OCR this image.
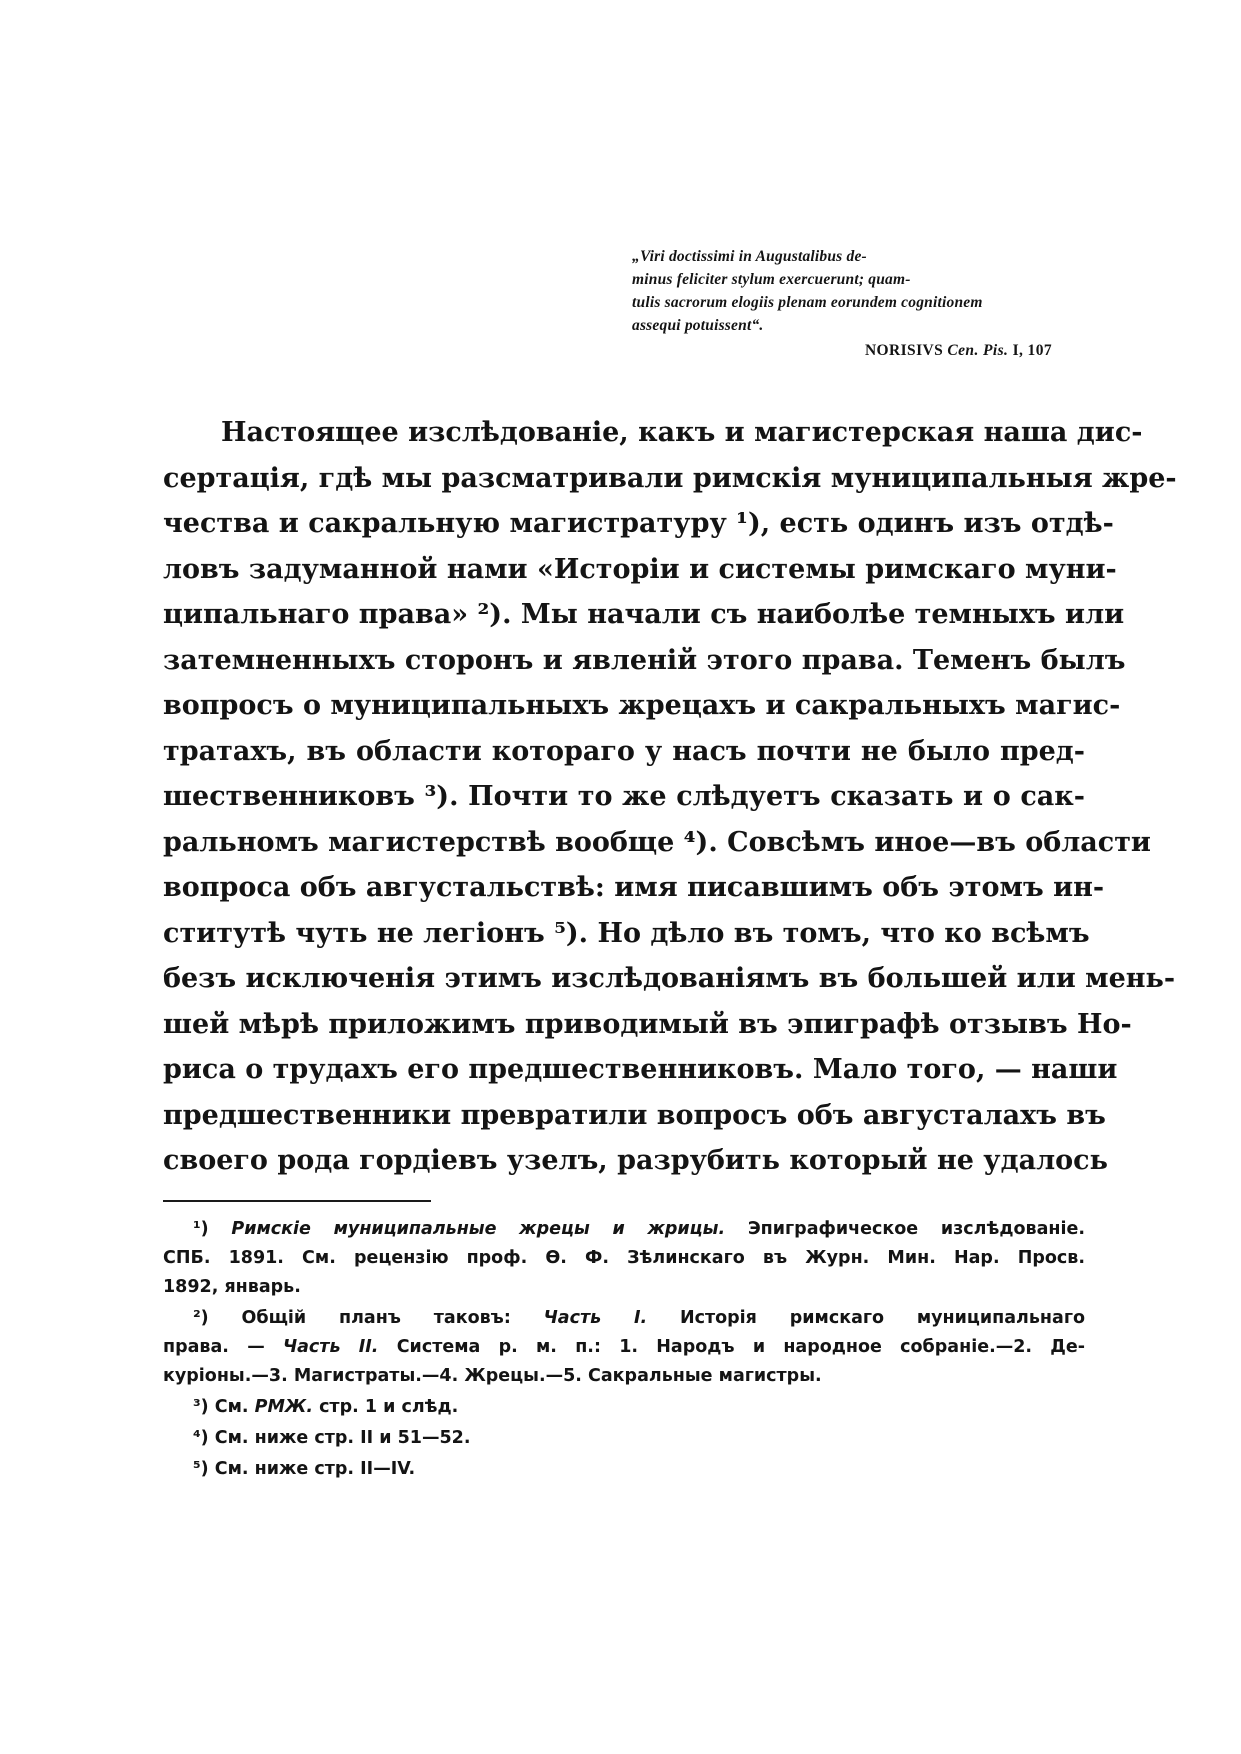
„Viri doctissimi in Augustalibus de-
minus feliciter stylum exercuerunt; quam-
tulis sacrorum elogiis plenam eorundem cognitionem
assequi potuissent“.
NORISIVS Cen. Pis. I, 107
Настоящее изслѣдованіе, какъ и магистерская наша дис-
сертація, гдѣ мы разсматривали римскія муниципальныя жре-
чества и сакральную магистратуру ¹), есть одинъ изъ отдѣ-
ловъ задуманной нами «Исторіи и системы римскаго муни-
ципальнаго права» ²). Мы начали съ наиболѣе темныхъ или
затемненныхъ сторонъ и явленій этого права. Теменъ былъ
вопросъ о муниципальныхъ жрецахъ и сакральныхъ магис-
тратахъ, въ области котораго у насъ почти не было пред-
шественниковъ ³). Почти то же слѣдуетъ сказать и о сак-
ральномъ магистерствѣ вообще ⁴). Совсѣмъ иное—въ области
вопроса объ августальствѣ: имя писавшимъ объ этомъ ин-
ститутѣ чуть не легіонъ ⁵). Но дѣло въ томъ, что ко всѣмъ
безъ исключенія этимъ изслѣдованіямъ въ большей или мень-
шей мѣрѣ приложимъ приводимый въ эпиграфѣ отзывъ Но-
риса о трудахъ его предшественниковъ. Мало того, — наши
предшественники превратили вопросъ объ августалахъ въ
своего рода гордіевъ узелъ, разрубить который не удалось
¹) Римскіе муниципальные жрецы и жрицы. Эпиграфическое изслѣдованіе.
СПБ. 1891. См. рецензію проф. Ѳ. Ф. Зѣлинскаго въ Журн. Мин. Нар. Просв.
1892, январь.
²) Общій планъ таковъ: Часть I. Исторія римскаго муниципальнаго
права. — Часть II. Система р. м. п.: 1. Народъ и народное собраніе.—2. Де-
куріоны.—3. Магистраты.—4. Жрецы.—5. Сакральные магистры.
³) См. РМЖ. стр. 1 и слѣд.
⁴) См. ниже стр. II и 51—52.
⁵) См. ниже стр. II—IV.
